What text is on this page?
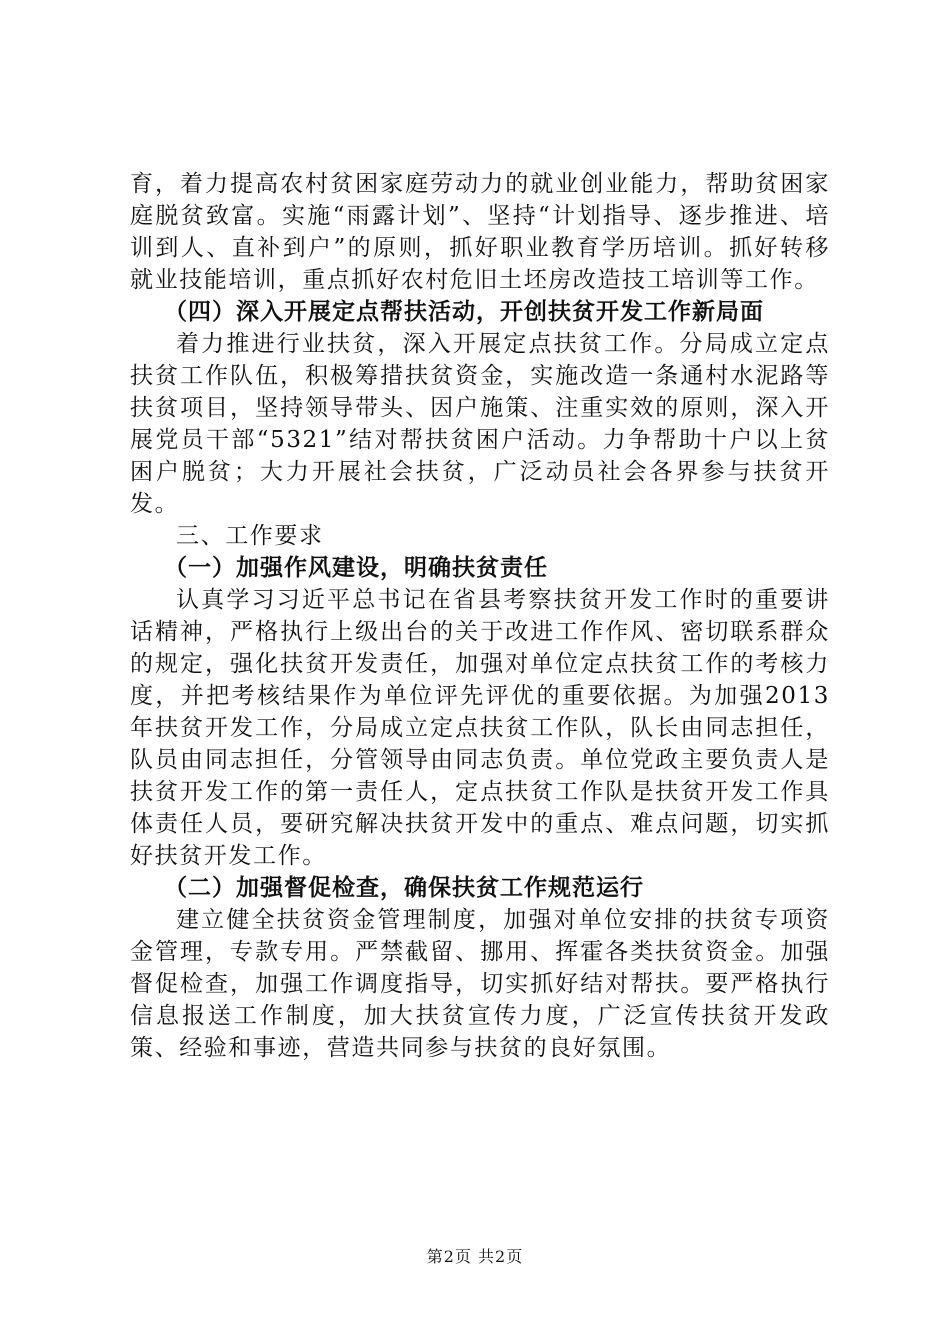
育，着力提高农村贫困家庭劳动力的就业创业能力，帮助贫困家庭脱贫致富。实施“雨露计划”、坚持“计划指导、逐步推进、培训到人、直补到户”的原则，抓好职业教育学历培训。抓好转移就业技能培训，重点抓好农村危旧土坯房改造技工培训等工作。

（四）深入开展定点帮扶活动，开创扶贫开发工作新局面

着力推进行业扶贫，深入开展定点扶贫工作。分局成立定点扶贫工作队伍，积极筹措扶贫资金，实施改造一条通村水泥路等扶贫项目，坚持领导带头、因户施策、注重实效的原则，深入开展党员干部“5321”结对帮扶贫困户活动。力争帮助十户以上贫困户脱贫；大力开展社会扶贫，广泛动员社会各界参与扶贫开发。

三、工作要求
（一）加强作风建设，明确扶贫责任

认真学习习近平总书记在省县考察扶贫开发工作时的重要讲话精神，严格执行上级出台的关于改进工作作风、密切联系群众的规定，强化扶贫开发责任，加强对单位定点扶贫工作的考核力度，并把考核结果作为单位评先评优的重要依据。为加强2013年扶贫开发工作，分局成立定点扶贫工作队，队长由同志担任，队员由同志担任，分管领导由同志负责。单位党政主要负责人是扶贫开发工作的第一责任人，定点扶贫工作队是扶贫开发工作具体责任人员，要研究解决扶贫开发中的重点、难点问题，切实抓好扶贫开发工作。

（二）加强督促检查，确保扶贫工作规范运行

建立健全扶贫资金管理制度，加强对单位安排的扶贫专项资金管理，专款专用。严禁截留、挪用、挥霍各类扶贫资金。加强督促检查，加强工作调度指导，切实抓好结对帮扶。要严格执行信息报送工作制度，加大扶贫宣传力度，广泛宣传扶贫开发政策、经验和事迹，营造共同参与扶贫的良好氛围。

第2页 共2页
